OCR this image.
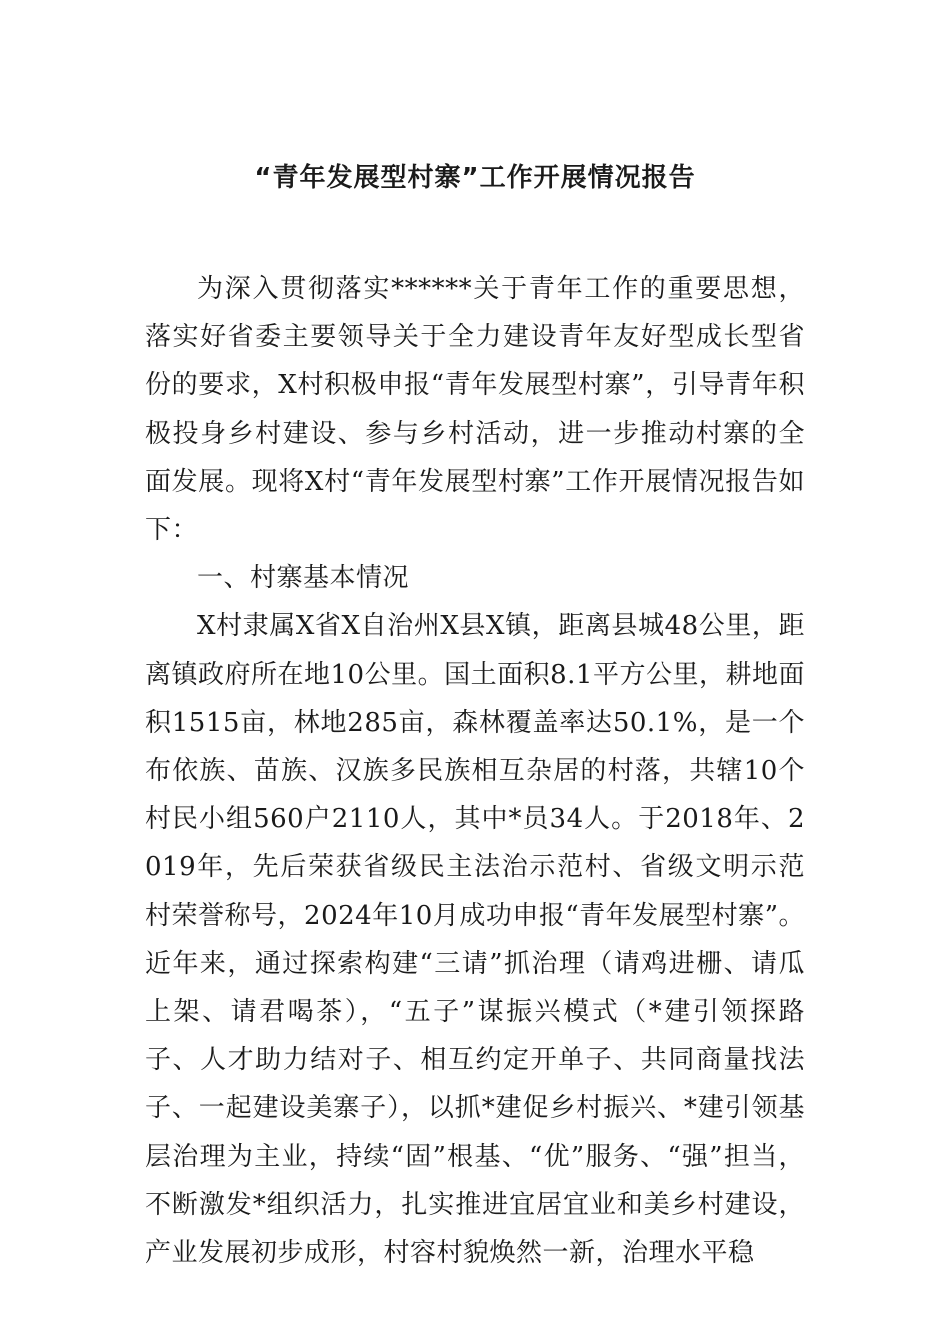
“青年发展型村寨”工作开展情况报告

为深入贯彻落实******关于青年工作的重要思想，落实好省委主要领导关于全力建设青年友好型成长型省份的要求，X村积极申报“青年发展型村寨”，引导青年积极投身乡村建设、参与乡村活动，进一步推动村寨的全面发展。现将X村“青年发展型村寨”工作开展情况报告如下：

一、村寨基本情况

X村隶属X省X自治州X县X镇，距离县城48公里，距离镇政府所在地10公里。国土面积8.1平方公里，耕地面积1515亩，林地285亩，森林覆盖率达50.1%，是一个布依族、苗族、汉族多民族相互杂居的村落，共辖10个村民小组560户2110人，其中*员34人。于2018年、2019年，先后荣获省级民主法治示范村、省级文明示范村荣誉称号，2024年10月成功申报“青年发展型村寨”。近年来，通过探索构建“三请”抓治理（请鸡进栅、请瓜上架、请君喝茶），“五子”谋振兴模式（*建引领探路子、人才助力结对子、相互约定开单子、共同商量找法子、一起建设美寨子），以抓*建促乡村振兴、*建引领基层治理为主业，持续“固”根基、“优”服务、“强”担当，不断激发*组织活力，扎实推进宜居宜业和美乡村建设，产业发展初步成形，村容村貌焕然一新，治理水平稳
